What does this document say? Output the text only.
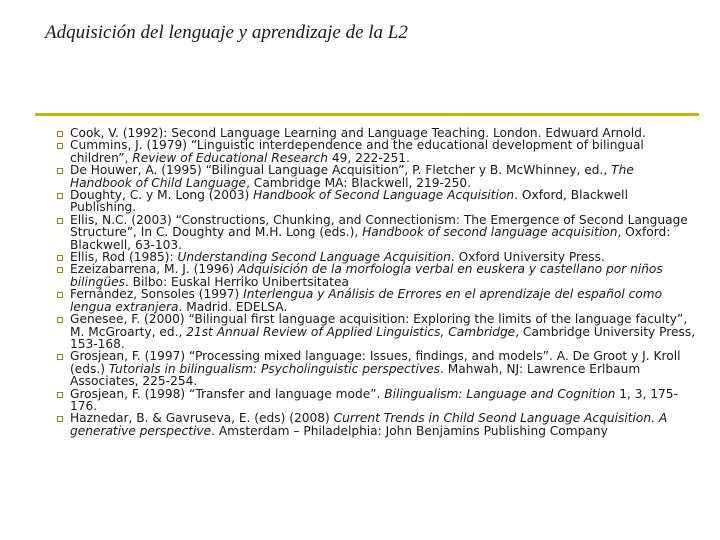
Adquisición del lenguaje y aprendizaje de la L2
Cook, V. (1992): Second Language Learning and Language Teaching. London. Edwuard Arnold.
Cummins, J. (1979) “Linguistic interdependence and the educational development of bilingual children”, Review of Educational Research 49, 222-251.
De Houwer, A. (1995) “Bilingual Language Acquisition”, P. Fletcher y B. McWhinney, ed., The Handbook of Child Language, Cambridge MA: Blackwell, 219-250.
Doughty, C. y M. Long (2003) Handbook of Second Language Acquisition. Oxford, Blackwell Publishing.
Ellis, N.C. (2003) “Constructions, Chunking, and Connectionism: The Emergence of Second Language Structure”, In C. Doughty and M.H. Long (eds.), Handbook of second language acquisition, Oxford: Blackwell, 63-103.
Ellis, Rod (1985): Understanding Second Language Acquisition. Oxford University Press.
Ezeizabarrena, M. J. (1996) Adquisición de la morfología verbal en euskera y castellano por niños bilingües. Bilbo: Euskal Herriko Unibertsitatea
Fernández, Sonsoles (1997) Interlengua y Análisis de Errores en el aprendizaje del español como lengua extranjera. Madrid. EDELSA.
Genesee, F. (2000) “Bilingual first language acquisition: Exploring the limits of the language faculty”, M. McGroarty, ed., 21st Annual Review of Applied Linguistics, Cambridge, Cambridge University Press, 153-168.
Grosjean, F. (1997) “Processing mixed language: Issues, findings, and models”. A. De Groot y J. Kroll (eds.) Tutorials in bilingualism: Psycholinguistic perspectives. Mahwah, NJ: Lawrence Erlbaum Associates, 225-254.
Grosjean, F. (1998) “Transfer and language mode”. Bilingualism: Language and Cognition 1, 3, 175-176.
Haznedar, B. & Gavruseva, E. (eds) (2008) Current Trends in Child Seond Language Acquisition. A generative perspective. Amsterdam – Philadelphia: John Benjamins Publishing Company
